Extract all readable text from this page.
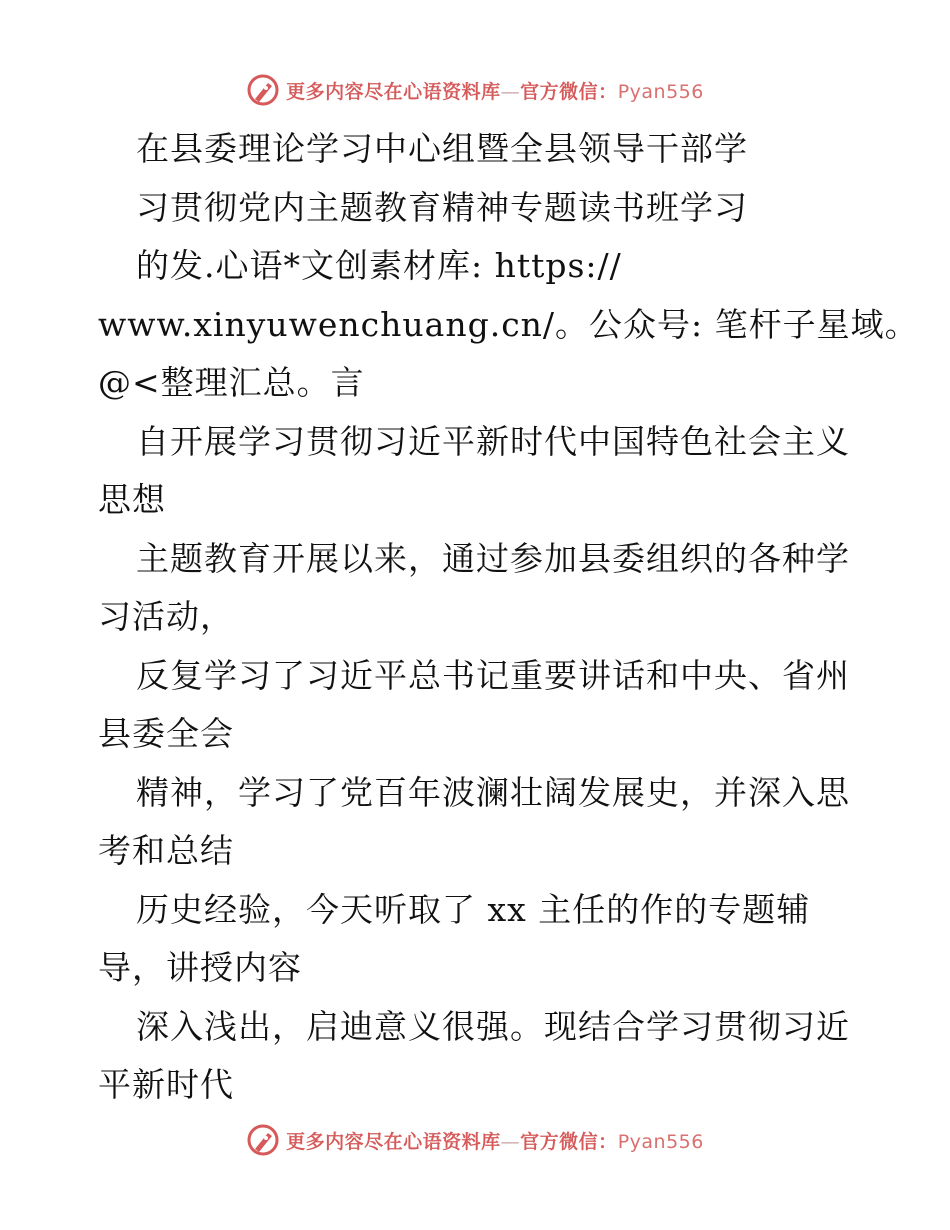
更多内容尽在心语资料库—官方微信：Pyan556
在县委理论学习中心组暨全县领导干部学
习贯彻党内主题教育精神专题读书班学习
的发.心语*文创素材库: https://
www.xinyuwenchuang.cn/。公众号: 笔杆子星域。
@<整理汇总。言
自开展学习贯彻习近平新时代中国特色社会主义
思想
主题教育开展以来，通过参加县委组织的各种学
习活动，
反复学习了习近平总书记重要讲话和中央、省州
县委全会
精神，学习了党百年波澜壮阔发展史，并深入思
考和总结
历史经验，今天听取了 xx 主任的作的专题辅
导，讲授内容
深入浅出，启迪意义很强。现结合学习贯彻习近
平新时代
更多内容尽在心语资料库—官方微信：Pyan556
